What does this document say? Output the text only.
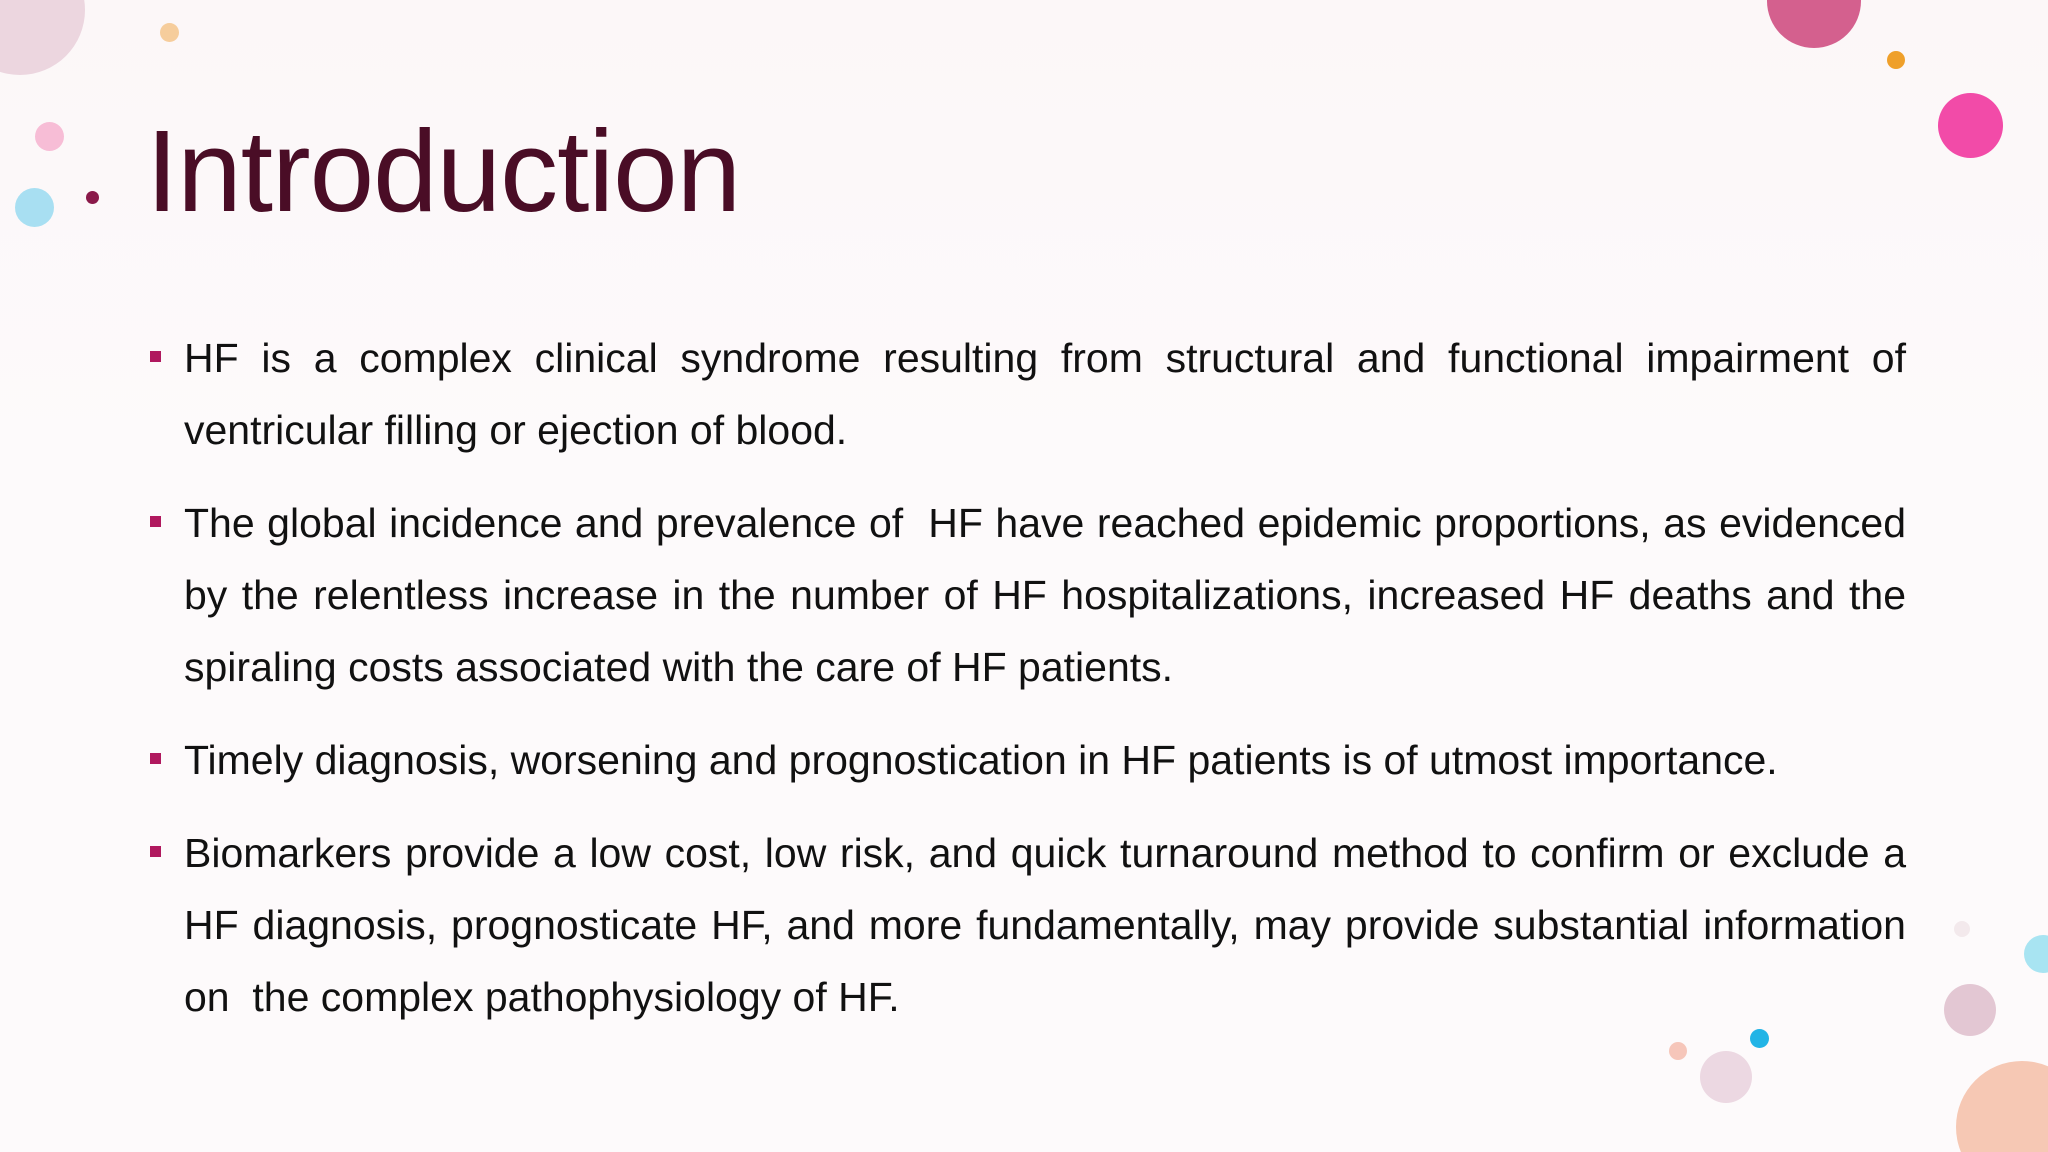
Introduction
HF is a complex clinical syndrome resulting from structural and functional impairment of ventricular filling or ejection of blood.
The global incidence and prevalence of  HF have reached epidemic proportions, as evidenced by the relentless increase in the number of HF hospitalizations, increased HF deaths and the spiraling costs associated with the care of HF patients.
Timely diagnosis, worsening and prognostication in HF patients is of utmost importance.
Biomarkers provide a low cost, low risk, and quick turnaround method to confirm or exclude a HF diagnosis, prognosticate HF, and more fundamentally, may provide substantial information on  the complex pathophysiology of HF.
